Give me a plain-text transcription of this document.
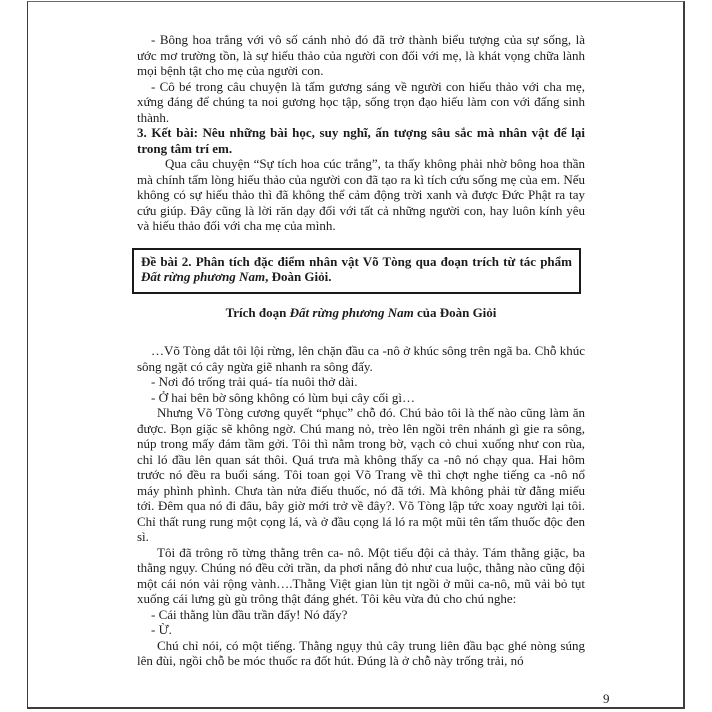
- Bông hoa trắng với vô số cánh nhỏ đó đã trở thành biểu tượng của sự sống, là ước mơ trường tồn, là sự hiếu thảo của người con đối với mẹ, là khát vọng chữa lành mọi bệnh tật cho mẹ của người con.

- Cô bé trong câu chuyện là tấm gương sáng về người con hiếu thảo với cha mẹ, xứng đáng để chúng ta noi gương học tập, sống trọn đạo hiếu làm con với đấng sinh thành.

3. Kết bài: Nêu những bài học, suy nghĩ, ấn tượng sâu sắc mà nhân vật để lại trong tâm trí em.

Qua câu chuyện “Sự tích hoa cúc trắng”, ta thấy không phải nhờ bông hoa thần mà chính tấm lòng hiếu thảo của người con đã tạo ra kì tích cứu sống mẹ của em. Nếu không có sự hiếu thảo thì đã không thể cảm động trời xanh và được Đức Phật ra tay cứu giúp. Đây cũng là lời răn dạy đối với tất cả những người con, hay luôn kính yêu và hiếu thảo đối với cha mẹ của mình.

Đề bài 2. Phân tích đặc điểm nhân vật Võ Tòng qua đoạn trích từ tác phẩm Đất rừng phương Nam, Đoàn Giỏi.
Trích đoạn Đất rừng phương Nam của Đoàn Giỏi

…Võ Tòng dắt tôi lội rừng, lên chặn đầu ca -nô ở khúc sông trên ngã ba. Chỗ khúc sông ngặt có cây ngừa giẽ nhanh ra sông đấy.

- Nơi đó trống trải quá- tía nuôi thở dài.

- Ở hai bên bờ sông không có lùm bụi cây cối gì…

Nhưng Võ Tòng cương quyết “phục” chỗ đó. Chú bảo tôi là thế nào cũng làm ăn được. Bọn giặc sẽ không ngờ. Chú mang nỏ, trèo lên ngồi trên nhánh gì gie ra sông, núp trong mấy đám tầm gởi. Tôi thì nằm trong bờ, vạch cỏ chui xuống như con rùa, chỉ ló đầu lên quan sát thôi. Quá trưa mà không thấy ca -nô nó chạy qua. Hai hôm trước nó đều ra buổi sáng. Tôi toan gọi Võ Trang về thì chợt nghe tiếng ca -nô nổ máy phình phình. Chưa tàn nửa điếu thuốc, nó đã tới. Mà không phải từ đằng miếu tới. Đêm qua nó đi đâu, bây giờ mới trở về đây?. Võ Tòng lập tức xoay người lại tôi. Chỉ thất rung rung một cọng lá, và ở đầu cọng lá ló ra một mũi tên tẩm thuốc độc đen sì.

Tôi đã trông rõ từng thằng trên ca- nô. Một tiểu đội cả thảy. Tám thằng giặc, ba thằng ngụy. Chúng nó đều cởi trần, da phơi nắng đỏ như cua luộc, thằng nào cũng đội một cái nón vải rộng vành….Thằng Việt gian lùn tịt ngồi ở mũi ca-nô, mũ vải bỏ tụt xuống cái lưng gù gù trông thật đáng ghét. Tôi kêu vừa đủ cho chú nghe:

- Cái thằng lùn đầu trần đấy! Nó đấy?

- Ừ.

Chú chỉ nói, có một tiếng. Thằng ngụy thủ cây trung liên đầu bạc ghé nòng súng lên đùi, ngồi chỗ be móc thuốc ra đốt hút. Đúng là ở chỗ này trống trải, nó

9
